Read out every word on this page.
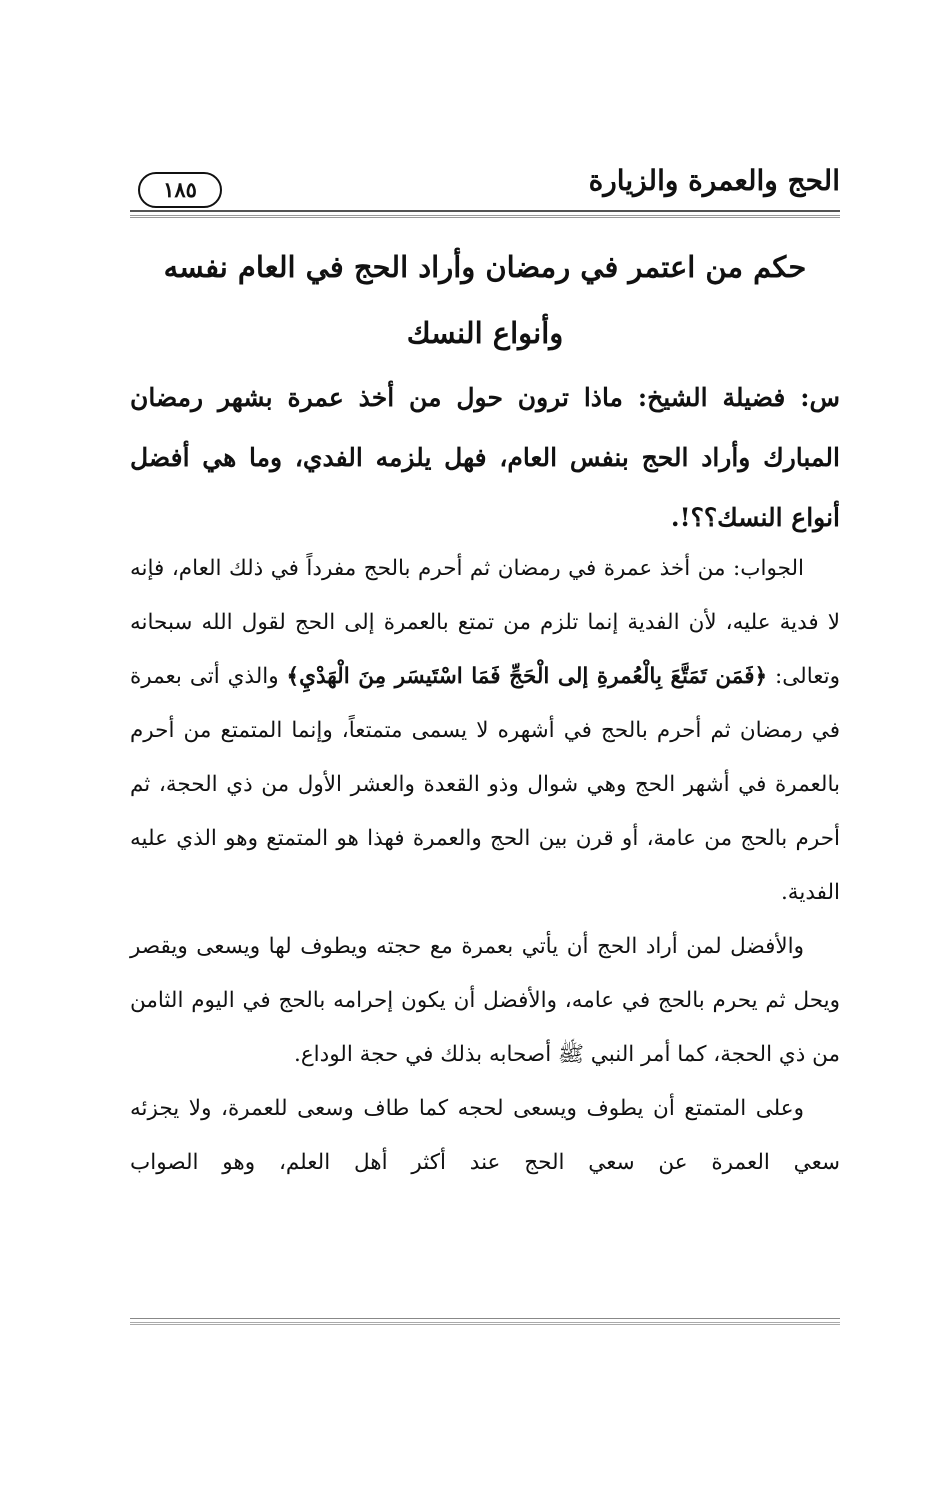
الحج والعمرة والزيارة
١٨٥
حكم من اعتمر في رمضان وأراد الحج في العام نفسه
وأنواع النسك
س: فضيلة الشيخ: ماذا ترون حول من أخذ عمرة بشهر رمضان المبارك وأراد الحج بنفس العام، فهل يلزمه الفدي، وما هي أفضل أنواع النسك؟؟!.

الجواب: من أخذ عمرة في رمضان ثم أحرم بالحج مفرداً في ذلك العام، فإنه لا فدية عليه، لأن الفدية إنما تلزم من تمتع بالعمرة إلى الحج لقول الله سبحانه وتعالى: ﴿فَمَن تَمَتَّعَ بِالْعُمرةِ إلى الْحَجِّ فَمَا اسْتَيسَر مِنَ الْهَدْيِ﴾ والذي أتى بعمرة في رمضان ثم أحرم بالحج في أشهره لا يسمى متمتعاً، وإنما المتمتع من أحرم بالعمرة في أشهر الحج وهي شوال وذو القعدة والعشر الأول من ذي الحجة، ثم أحرم بالحج من عامة، أو قرن بين الحج والعمرة فهذا هو المتمتع وهو الذي عليه الفدية.

والأفضل لمن أراد الحج أن يأتي بعمرة مع حجته ويطوف لها ويسعى ويقصر ويحل ثم يحرم بالحج في عامه، والأفضل أن يكون إحرامه بالحج في اليوم الثامن من ذي الحجة، كما أمر النبي ﷺ أصحابه بذلك في حجة الوداع.

وعلى المتمتع أن يطوف ويسعى لحجه كما طاف وسعى للعمرة، ولا يجزئه سعي العمرة عن سعي الحج عند أكثر أهل العلم، وهو الصواب
